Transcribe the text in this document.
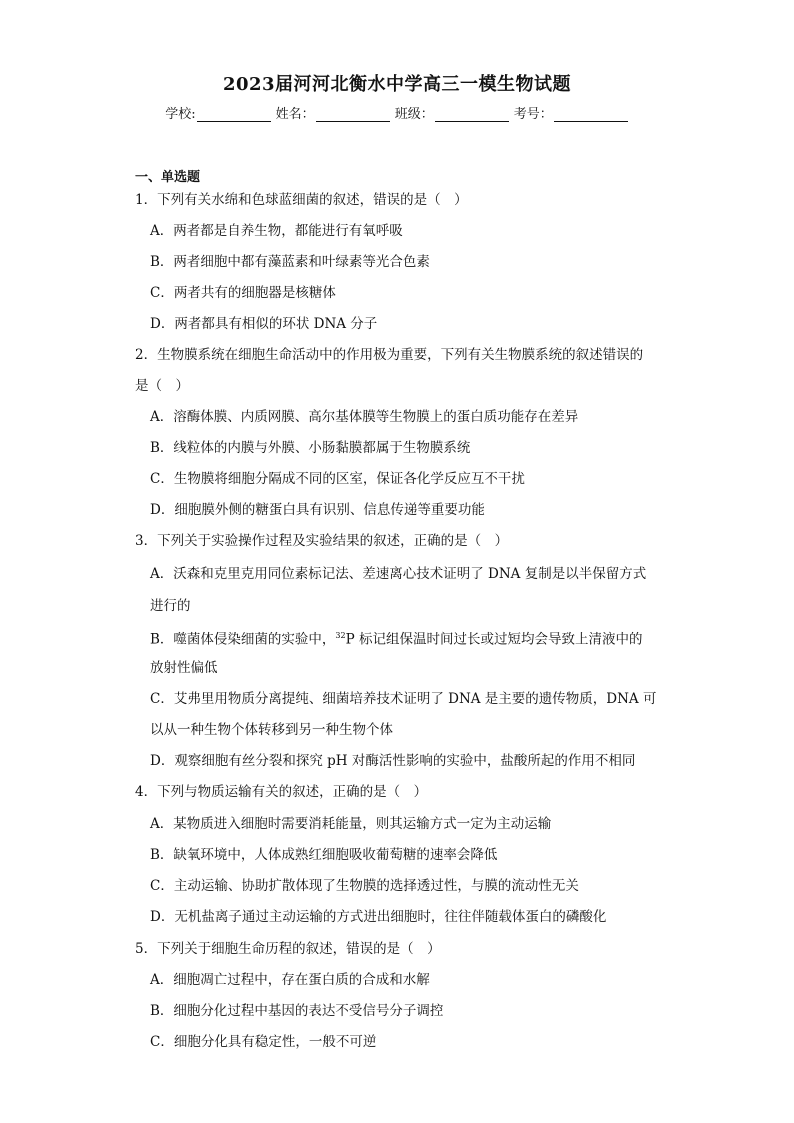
2023届河河北衡水中学高三一模生物试题
学校:	姓名：	班级：	考号：
一、单选题
1．下列有关水绵和色球蓝细菌的叙述，错误的是（　）
A．两者都是自养生物，都能进行有氧呼吸
B．两者细胞中都有藻蓝素和叶绿素等光合色素
C．两者共有的细胞器是核糖体
D．两者都具有相似的环状 DNA 分子
2．生物膜系统在细胞生命活动中的作用极为重要，下列有关生物膜系统的叙述错误的
是（　）
A．溶酶体膜、内质网膜、高尔基体膜等生物膜上的蛋白质功能存在差异
B．线粒体的内膜与外膜、小肠黏膜都属于生物膜系统
C．生物膜将细胞分隔成不同的区室，保证各化学反应互不干扰
D．细胞膜外侧的糖蛋白具有识别、信息传递等重要功能
3．下列关于实验操作过程及实验结果的叙述，正确的是（　）
A．沃森和克里克用同位素标记法、差速离心技术证明了 DNA 复制是以半保留方式
进行的
B．噬菌体侵染细菌的实验中，$^{32}$P 标记组保温时间过长或过短均会导致上清液中的
放射性偏低
C．艾弗里用物质分离提纯、细菌培养技术证明了 DNA 是主要的遗传物质，DNA 可
以从一种生物个体转移到另一种生物个体
D．观察细胞有丝分裂和探究 pH 对酶活性影响的实验中，盐酸所起的作用不相同
4．下列与物质运输有关的叙述，正确的是（　）
A．某物质进入细胞时需要消耗能量，则其运输方式一定为主动运输
B．缺氧环境中，人体成熟红细胞吸收葡萄糖的速率会降低
C．主动运输、协助扩散体现了生物膜的选择透过性，与膜的流动性无关
D．无机盐离子通过主动运输的方式进出细胞时，往往伴随载体蛋白的磷酸化
5．下列关于细胞生命历程的叙述，错误的是（　）
A．细胞凋亡过程中，存在蛋白质的合成和水解
B．细胞分化过程中基因的表达不受信号分子调控
C．细胞分化具有稳定性，一般不可逆
